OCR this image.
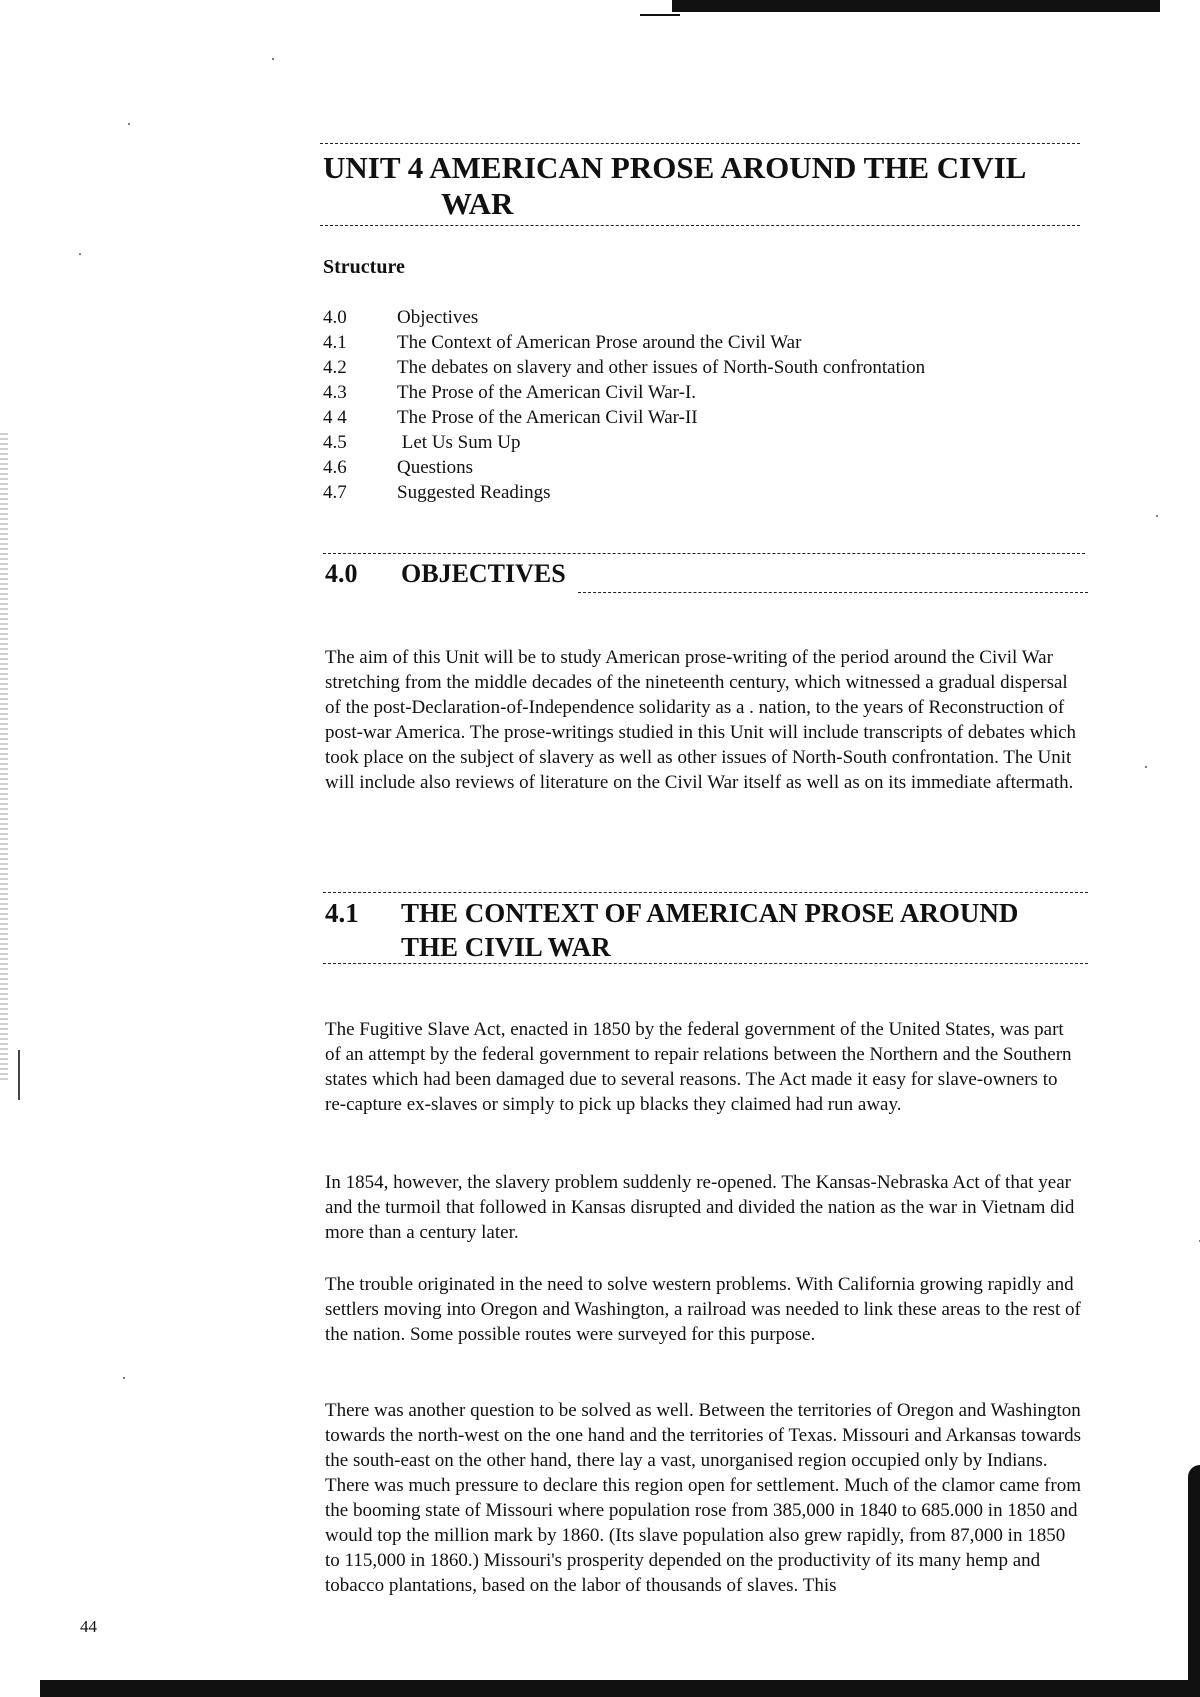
UNIT 4 AMERICAN PROSE AROUND THE CIVIL
WAR
Structure
4.0	Objectives
4.1	The Context of American Prose around the Civil War
4.2	The debates on slavery and other issues of North-South confrontation
4.3	The Prose of the American Civil War-I.
4 4	The Prose of the American Civil War-II
4.5	Let Us Sum Up
4.6	Questions
4.7	Suggested Readings
4.0 OBJECTIVES

The aim of this Unit will be to study American prose-writing of the period around the Civil War stretching from the middle decades of the nineteenth century, which witnessed a gradual dispersal of the post-Declaration-of-Independence solidarity as a . nation, to the years of Reconstruction of post-war America. The prose-writings studied in this Unit will include transcripts of debates which took place on the subject of slavery as well as other issues of North-South confrontation. The Unit will include also reviews of literature on the Civil War itself as well as on its immediate aftermath.

4.1 THE CONTEXT OF AMERICAN PROSE AROUND
THE CIVIL WAR

The Fugitive Slave Act, enacted in 1850 by the federal government of the United States, was part of an attempt by the federal government to repair relations between the Northern and the Southern states which had been damaged due to several reasons. The Act made it easy for slave-owners to re-capture ex-slaves or simply to pick up blacks they claimed had run away.

In 1854, however, the slavery problem suddenly re-opened. The Kansas-Nebraska Act of that year and the turmoil that followed in Kansas disrupted and divided the nation as the war in Vietnam did more than a century later.

The trouble originated in the need to solve western problems. With California growing rapidly and settlers moving into Oregon and Washington, a railroad was needed to link these areas to the rest of the nation. Some possible routes were surveyed for this purpose.

There was another question to be solved as well. Between the territories of Oregon and Washington towards the north-west on the one hand and the territories of Texas. Missouri and Arkansas towards the south-east on the other hand, there lay a vast, unorganised region occupied only by Indians. There was much pressure to declare this region open for settlement. Much of the clamor came from the booming state of Missouri where population rose from 385,000 in 1840 to 685.000 in 1850 and would top the million mark by 1860. (Its slave population also grew rapidly, from 87,000 in 1850 to 115,000 in 1860.) Missouri's prosperity depended on the productivity of its many hemp and tobacco plantations, based on the labor of thousands of slaves. This

44
